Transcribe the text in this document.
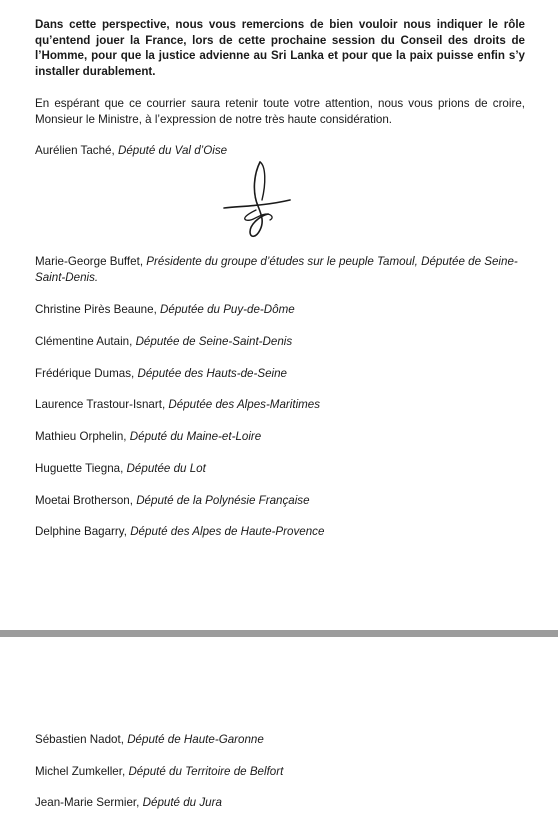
Dans cette perspective, nous vous remercions de bien vouloir nous indiquer le rôle qu’entend jouer la France, lors de cette prochaine session du Conseil des droits de l’Homme, pour que la justice advienne au Sri Lanka et pour que la paix puisse enfin s’y installer durablement.

En espérant que ce courrier saura retenir toute votre attention, nous vous prions de croire, Monsieur le Ministre, à l’expression de notre très haute considération.

Aurélien Taché, Député du Val d’Oise

Marie-George Buffet, Présidente du groupe d’études sur le peuple Tamoul, Députée de Seine-Saint-Denis.

Christine Pirès Beaune, Députée du Puy-de-Dôme

Clémentine Autain, Députée de Seine-Saint-Denis

Frédérique Dumas, Députée des Hauts-de-Seine

Laurence Trastour-Isnart, Députée des Alpes-Maritimes

Mathieu Orphelin, Député du Maine-et-Loire

Huguette Tiegna, Députée du Lot

Moetai Brotherson, Député de la Polynésie Française

Delphine Bagarry, Député des Alpes de Haute-Provence

Sébastien Nadot, Député de Haute-Garonne

Michel Zumkeller, Député du Territoire de Belfort

Jean-Marie Sermier, Député du Jura
